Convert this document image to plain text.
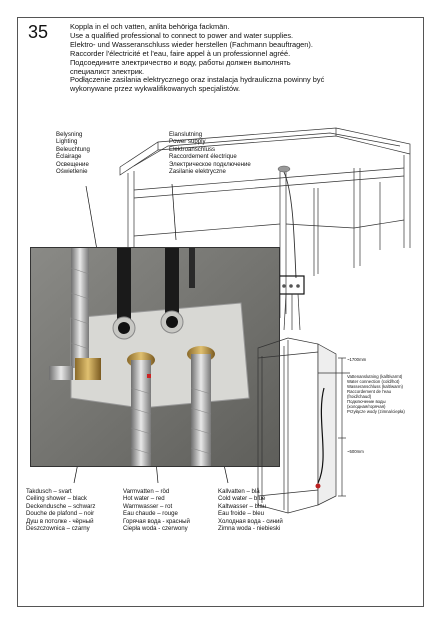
35	Koppla in el och vatten, anlita behöriga fackmän.
Use a qualified professional to connect to power and water supplies.
Elektro- und Wasseranschluss wieder herstellen (Fachmann beauftragen).
Raccorder l'électricité et l'eau, faire appel à un professionnel agréé.
Подсоедините электричество и воду, работы должен выполнять
специалист электрик.
Podłączenie zasilania elektrycznego oraz instalacja hydrauliczna powinny być
wykonywane przez wykwalifikowanych specjalistów.
Belysning
Lighting
Beleuchtung
Éclairage
Освещение
Oświetlenie
Elanslutning
Power supply
Elektroanschluss
Raccordement électrique
Электрическое подключение
Zasilanie elektryczne
~1700mm
Vattenanslutning (kallt/varmt)
Water connection (cold/hot)
Wasseranschluss (kalt/warm)
Raccordement de l'eau
(froid/chaud)
Подключение воды
(холодная/горячая)
Przyłącze wody (zimna/ciepła)
~500mm
Takdusch – svart
Ceiling shower – black
Deckendusche – schwarz
Douche de plafond – noir
Душ в потолке - чёрный
Deszczownica – czarny
Varmvatten – röd
Hot water – red
Warmwasser – rot
Eau chaude – rouge
Горячая вода - красный
Ciepła woda - czerwony
Kallvatten – blå
Cold water – blue
Kaltwasser – blau
Eau froide – bleu
Холодная вода - синий
Zimna woda - niebieski
